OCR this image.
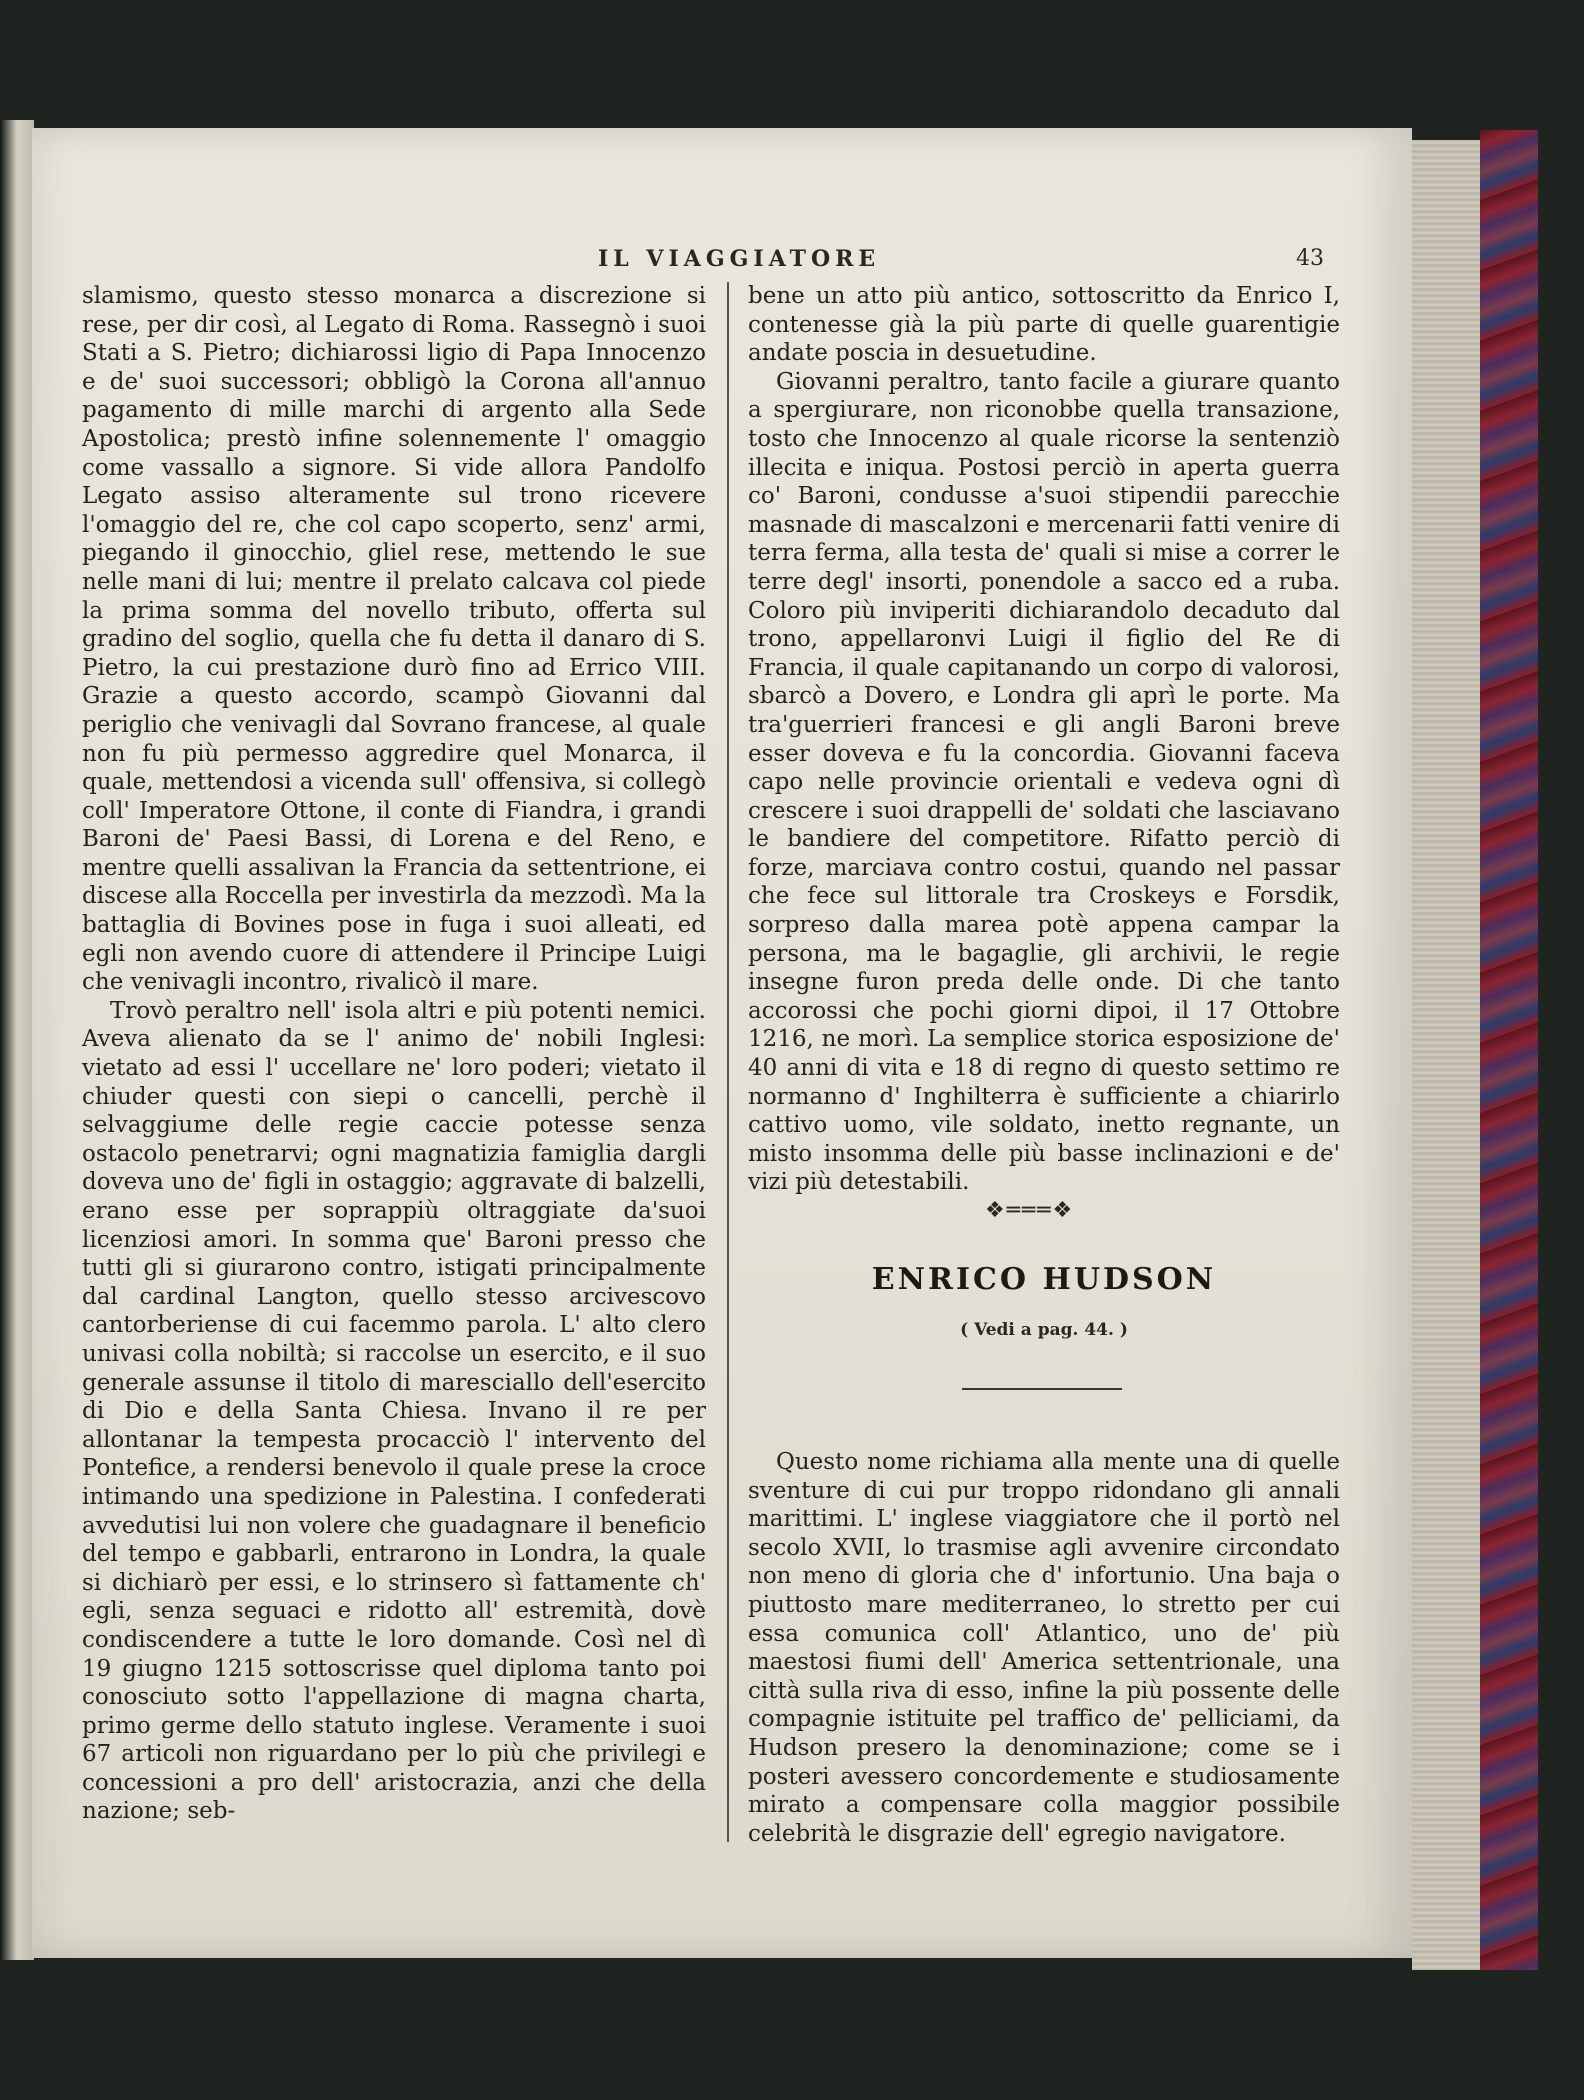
IL VIAGGIATORE	43

slamismo, questo stesso monarca a discrezione si rese, per dir così, al Legato di Roma. Rassegnò i suoi Stati a S. Pietro; dichiarossi ligio di Papa Innocenzo e de' suoi successori; obbligò la Corona all'annuo pagamento di mille marchi di argento alla Sede Apostolica; prestò infine solennemente l' omaggio come vassallo a signore. Si vide allora Pandolfo Legato assiso alteramente sul trono ricevere l'omaggio del re, che col capo scoperto, senz' armi, piegando il ginocchio, gliel rese, mettendo le sue nelle mani di lui; mentre il prelato calcava col piede la prima somma del novello tributo, offerta sul gradino del soglio, quella che fu detta il danaro di S. Pietro, la cui prestazione durò fino ad Errico VIII. Grazie a questo accordo, scampò Giovanni dal periglio che venivagli dal Sovrano francese, al quale non fu più permesso aggredire quel Monarca, il quale, mettendosi a vicenda sull' offensiva, si collegò coll' Imperatore Ottone, il conte di Fiandra, i grandi Baroni de' Paesi Bassi, di Lorena e del Reno, e mentre quelli assalivan la Francia da settentrione, ei discese alla Roccella per investirla da mezzodì. Ma la battaglia di Bovines pose in fuga i suoi alleati, ed egli non avendo cuore di attendere il Principe Luigi che venivagli incontro, rivalicò il mare.

Trovò peraltro nell' isola altri e più potenti nemici. Aveva alienato da se l' animo de' nobili Inglesi: vietato ad essi l' uccellare ne' loro poderi; vietato il chiuder questi con siepi o cancelli, perchè il selvaggiume delle regie caccie potesse senza ostacolo penetrarvi; ogni magnatizia famiglia dargli doveva uno de' figli in ostaggio; aggravate di balzelli, erano esse per soprappiù oltraggiate da'suoi licenziosi amori. In somma que' Baroni presso che tutti gli si giurarono contro, istigati principalmente dal cardinal Langton, quello stesso arcivescovo cantorberiense di cui facemmo parola. L' alto clero univasi colla nobiltà; si raccolse un esercito, e il suo generale assunse il titolo di maresciallo dell'esercito di Dio e della Santa Chiesa. Invano il re per allontanar la tempesta procacciò l' intervento del Pontefice, a rendersi benevolo il quale prese la croce intimando una spedizione in Palestina. I confederati avvedutisi lui non volere che guadagnare il beneficio del tempo e gabbarli, entrarono in Londra, la quale si dichiarò per essi, e lo strinsero sì fattamente ch' egli, senza seguaci e ridotto all' estremità, dovè condiscendere a tutte le loro domande. Così nel dì 19 giugno 1215 sottoscrisse quel diploma tanto poi conosciuto sotto l'appellazione di magna charta, primo germe dello statuto inglese. Veramente i suoi 67 articoli non riguardano per lo più che privilegi e concessioni a pro dell' aristocrazia, anzi che della nazione; seb-

bene un atto più antico, sottoscritto da Enrico I, contenesse già la più parte di quelle guarentigie andate poscia in desuetudine.

Giovanni peraltro, tanto facile a giurare quanto a spergiurare, non riconobbe quella transazione, tosto che Innocenzo al quale ricorse la sentenziò illecita e iniqua. Postosi perciò in aperta guerra co' Baroni, condusse a'suoi stipendii parecchie masnade di mascalzoni e mercenarii fatti venire di terra ferma, alla testa de' quali si mise a correr le terre degl' insorti, ponendole a sacco ed a ruba. Coloro più inviperiti dichiarandolo decaduto dal trono, appellaronvi Luigi il figlio del Re di Francia, il quale capitanando un corpo di valorosi, sbarcò a Dovero, e Londra gli aprì le porte. Ma tra'guerrieri francesi e gli angli Baroni breve esser doveva e fu la concordia. Giovanni faceva capo nelle provincie orientali e vedeva ogni dì crescere i suoi drappelli de' soldati che lasciavano le bandiere del competitore. Rifatto perciò di forze, marciava contro costui, quando nel passar che fece sul littorale tra Croskeys e Forsdik, sorpreso dalla marea potè appena campar la persona, ma le bagaglie, gli archivii, le regie insegne furon preda delle onde. Di che tanto accorossi che pochi giorni dipoi, il 17 Ottobre 1216, ne morì. La semplice storica esposizione de' 40 anni di vita e 18 di regno di questo settimo re normanno d' Inghilterra è sufficiente a chiarirlo cattivo uomo, vile soldato, inetto regnante, un misto insomma delle più basse inclinazioni e de' vizi più detestabili.

❖═══❖
ENRICO HUDSON
( Vedi a pag. 44. )

Questo nome richiama alla mente una di quelle sventure di cui pur troppo ridondano gli annali marittimi. L' inglese viaggiatore che il portò nel secolo XVII, lo trasmise agli avvenire circondato non meno di gloria che d' infortunio. Una baja o piuttosto mare mediterraneo, lo stretto per cui essa comunica coll' Atlantico, uno de' più maestosi fiumi dell' America settentrionale, una città sulla riva di esso, infine la più possente delle compagnie istituite pel traffico de' pelliciami, da Hudson presero la denominazione; come se i posteri avessero concordemente e studiosamente mirato a compensare colla maggior possibile celebrità le disgrazie dell' egregio navigatore.
